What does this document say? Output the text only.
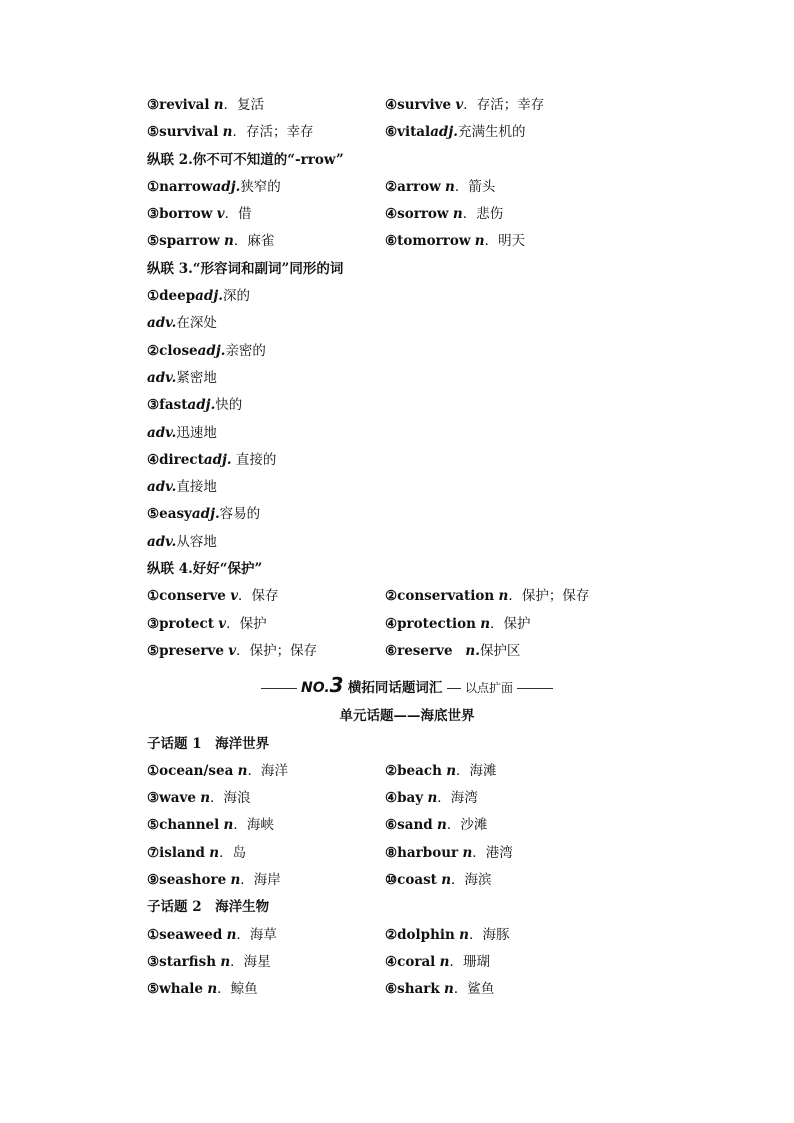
③revival n．复活	④survive v．存活；幸存
⑤survival n．存活；幸存	⑥vitaladj.充满生机的
纵联 2.你不可不知道的“-rrow”
①narrowadj.狭窄的	②arrow n．箭头
③borrow v．借	④sorrow n．悲伤
⑤sparrow n．麻雀	⑥tomorrow n．明天
纵联 3.“形容词和副词”同形的词
①deepadj.深的
adv.在深处
②closeadj.亲密的
adv.紧密地
③fastadj.快的
adv.迅速地
④directadj. 直接的
adv.直接地
⑤easyadj.容易的
adv.从容地
纵联 4.好好“保护”
①conserve v．保存	②conservation n．保护；保存
③protect v．保护	④protection n．保护
⑤preserve v．保护；保存	⑥reserve n.保护区
NO.3 横拓同话题词汇 以点扩面
单元话题——海底世界
子话题 1　海洋世界
①ocean/sea n．海洋	②beach n．海滩
③wave n．海浪	④bay n．海湾
⑤channel n．海峡	⑥sand n．沙滩
⑦island n．岛	⑧harbour n．港湾
⑨seashore n．海岸	⑩coast n．海滨
子话题 2　海洋生物
①seaweed n．海草	②dolphin n．海豚
③starfish n．海星	④coral n．珊瑚
⑤whale n．鲸鱼	⑥shark n．鲨鱼
